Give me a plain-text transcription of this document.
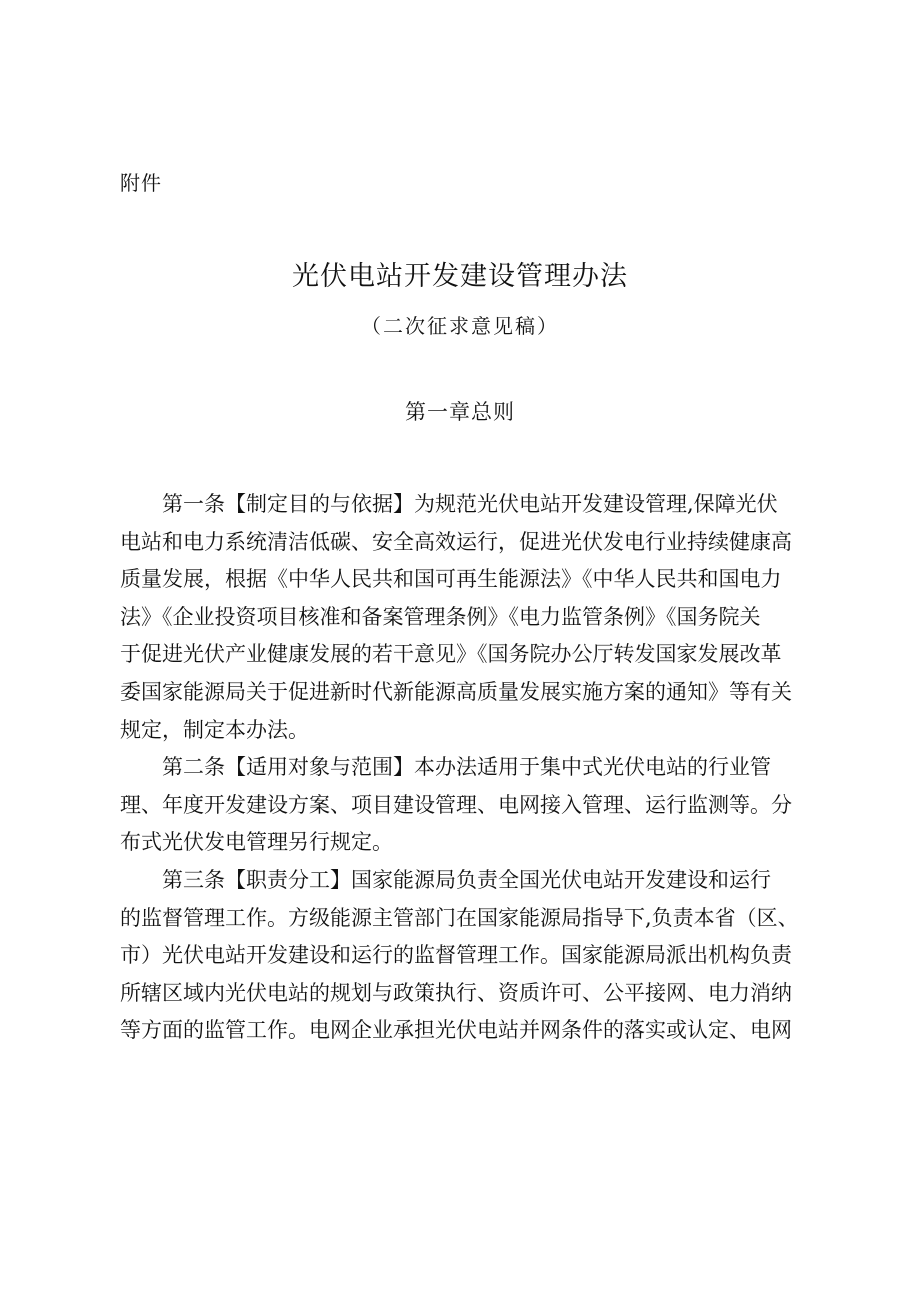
附件
光伏电站开发建设管理办法
（二次征求意见稿）
第一章总则
第一条【制定目的与依据】为规范光伏电站开发建设管理,保障光伏
电站和电力系统清洁低碳、安全高效运行，促进光伏发电行业持续健康高
质量发展，根据《中华人民共和国可再生能源法》《中华人民共和国电力
法》《企业投资项目核准和备案管理条例》《电力监管条例》《国务院关
于促进光伏产业健康发展的若干意见》《国务院办公厅转发国家发展改革
委国家能源局关于促进新时代新能源高质量发展实施方案的通知》等有关
规定，制定本办法。
第二条【适用对象与范围】本办法适用于集中式光伏电站的行业管
理、年度开发建设方案、项目建设管理、电网接入管理、运行监测等。分
布式光伏发电管理另行规定。
第三条【职责分工】国家能源局负责全国光伏电站开发建设和运行
的监督管理工作。方级能源主管部门在国家能源局指导下,负责本省（区、
市）光伏电站开发建设和运行的监督管理工作。国家能源局派出机构负责
所辖区域内光伏电站的规划与政策执行、资质许可、公平接网、电力消纳
等方面的监管工作。电网企业承担光伏电站并网条件的落实或认定、电网
